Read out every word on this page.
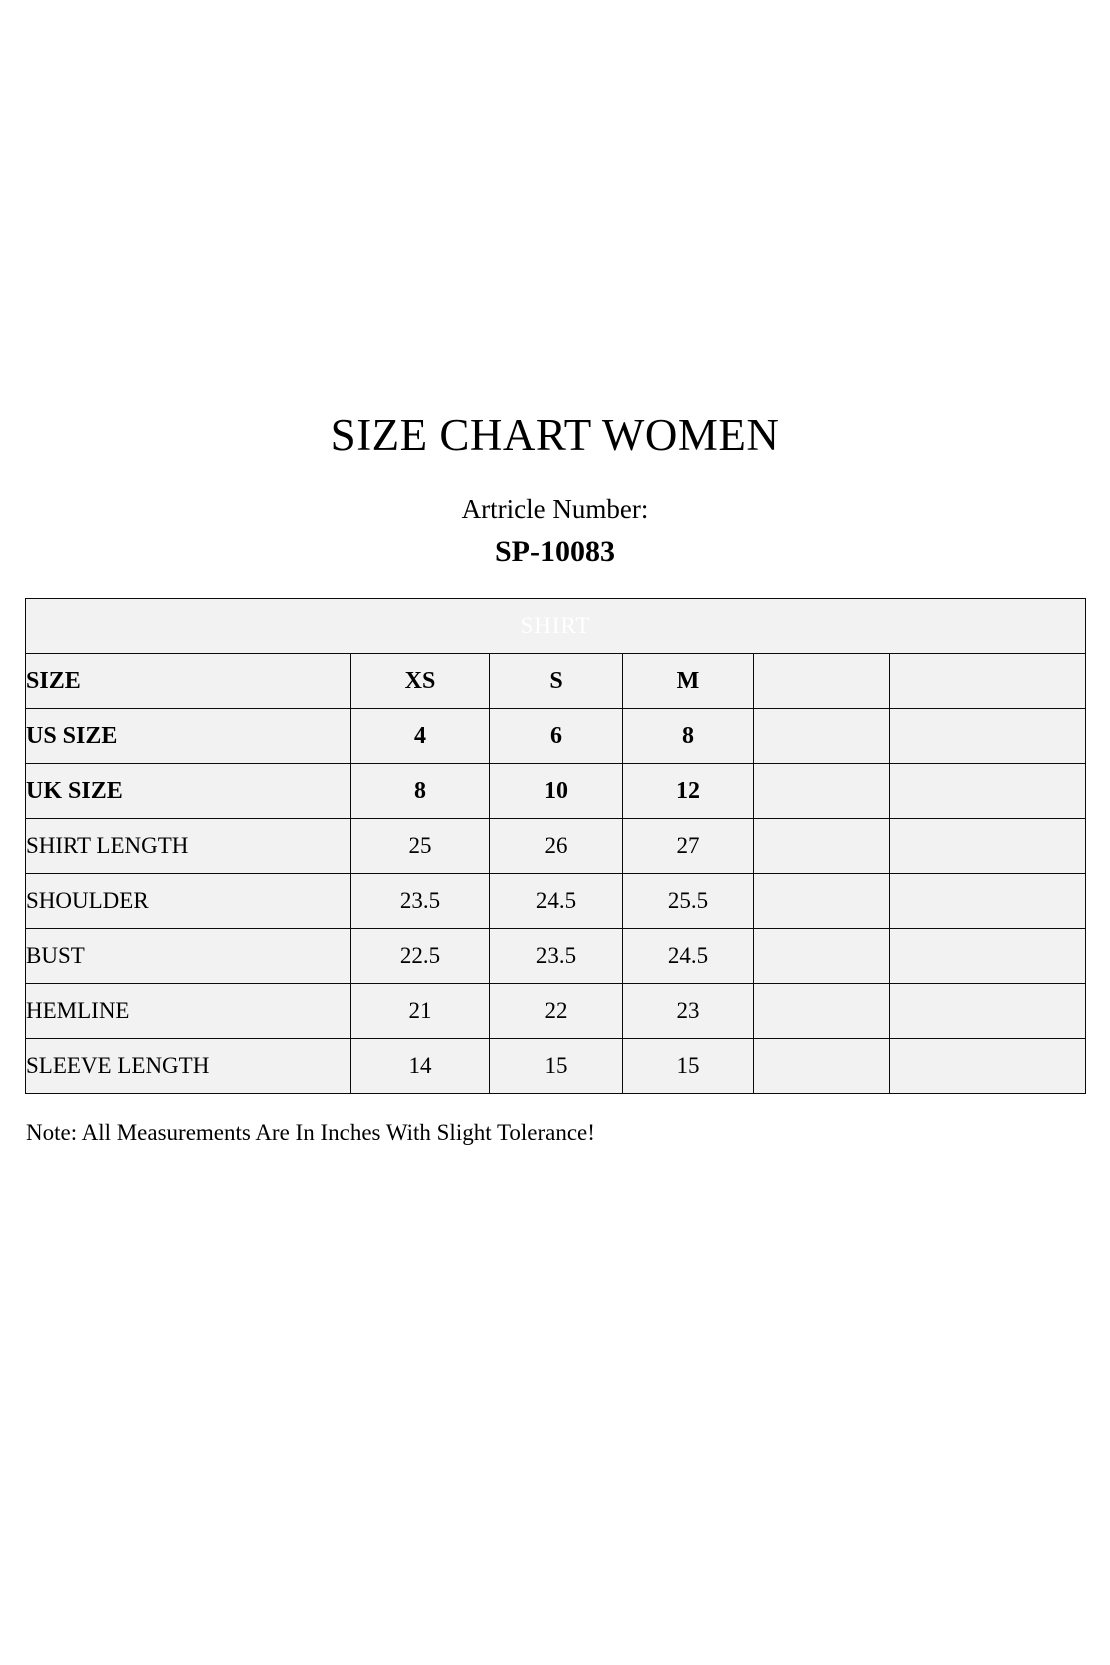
SIZE CHART WOMEN
Artricle Number:
SP-10083
SHIRT					
SIZE	XS	S	M		
US SIZE	4	6	8		
UK SIZE	8	10	12		
SHIRT LENGTH	25	26	27		
SHOULDER	23.5	24.5	25.5		
BUST	22.5	23.5	24.5		
HEMLINE	21	22	23		
SLEEVE LENGTH	14	15	15		
Note: All Measurements Are In Inches With Slight Tolerance!
